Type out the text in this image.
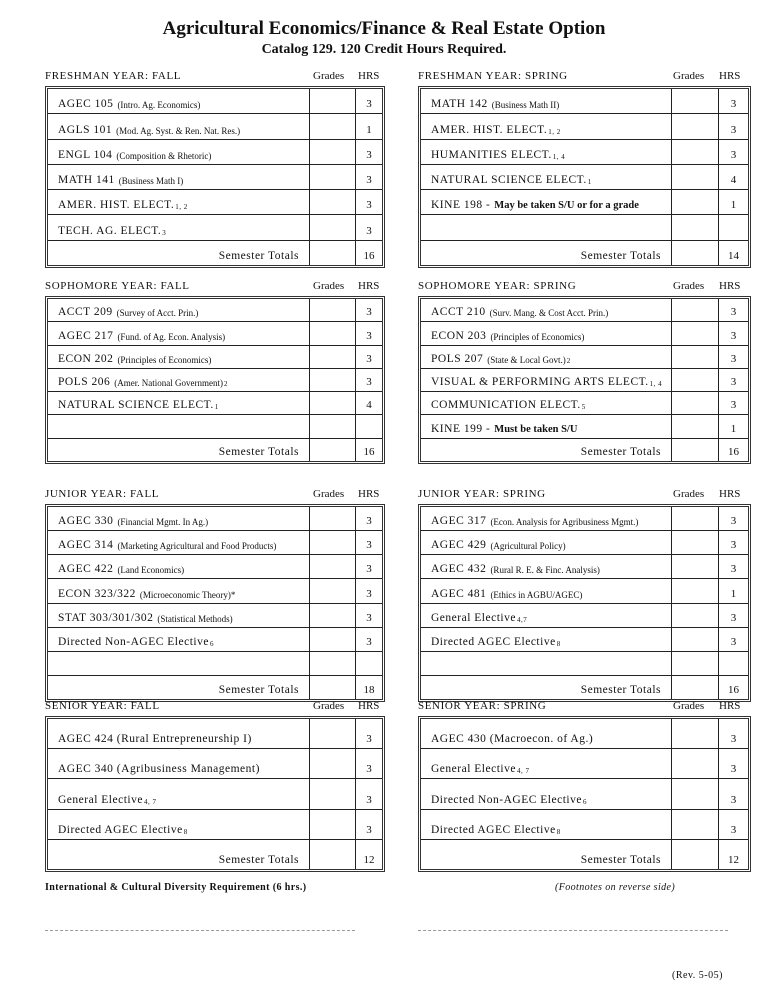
Agricultural Economics/Finance & Real Estate Option
Catalog 129. 120 Credit Hours Required.
FRESHMAN YEAR: FALL	Grades HRS
AGEC 105 (Intro. Ag. Economics)	3
AGLS 101 (Mod. Ag. Syst. & Ren. Nat. Res.)	1
ENGL 104 (Composition & Rhetoric)	3
MATH 141 (Business Math I)	3
AMER. HIST. ELECT. 1, 2	3
TECH. AG. ELECT. 3	3
Semester Totals	16
FRESHMAN YEAR: SPRING	Grades HRS
MATH 142 (Business Math II)	3
AMER. HIST. ELECT. 1, 2	3
HUMANITIES ELECT. 1, 4	3
NATURAL SCIENCE ELECT. 1	4
KINE 198 - May be taken S/U or for a grade	1
Semester Totals	14
SOPHOMORE YEAR: FALL	Grades HRS
ACCT 209 (Survey of Acct. Prin.)	3
AGEC 217 (Fund. of Ag. Econ. Analysis)	3
ECON 202 (Principles of Economics)	3
POLS 206 (Amer. National Government) 2	3
NATURAL SCIENCE ELECT. 1	4
Semester Totals	16
SOPHOMORE YEAR: SPRING	Grades HRS
ACCT 210 (Surv. Mang. & Cost Acct. Prin.)	3
ECON 203 (Principles of Economics)	3
POLS 207 (State & Local Govt.) 2	3
VISUAL & PERFORMING ARTS ELECT. 1, 4	3
COMMUNICATION ELECT. 5	3
KINE 199 - Must be taken S/U	1
Semester Totals	16
JUNIOR YEAR: FALL	Grades HRS
AGEC 330 (Financial Mgmt. In Ag.)	3
AGEC 314 (Marketing Agricultural and Food Products)	3
AGEC 422 (Land Economics)	3
ECON 323/322 (Microeconomic Theory)*	3
STAT 303/301/302 (Statistical Methods)	3
Directed Non-AGEC Elective 6	3
Semester Totals	18
JUNIOR YEAR: SPRING	Grades HRS
AGEC 317 (Econ. Analysis for Agribusiness Mgmt.)	3
AGEC 429 (Agricultural Policy)	3
AGEC 432 (Rural R. E. & Finc. Analysis)	3
AGEC 481 (Ethics in AGBU/AGEC)	1
General Elective 4,7	3
Directed AGEC Elective 8	3
Semester Totals	16
SENIOR YEAR: FALL	Grades HRS
AGEC 424 (Rural Entrepreneurship I)	3
AGEC 340 (Agribusiness Management)	3
General Elective 4, 7	3
Directed AGEC Elective 8	3
Semester Totals	12
SENIOR YEAR: SPRING	Grades HRS
AGEC 430 (Macroecon. of Ag.)	3
General Elective 4, 7	3
Directed Non-AGEC Elective 6	3
Directed AGEC Elective 8	3
Semester Totals	12
International & Cultural Diversity Requirement (6 hrs.)	(Footnotes on reverse side)
(Rev. 5-05)
